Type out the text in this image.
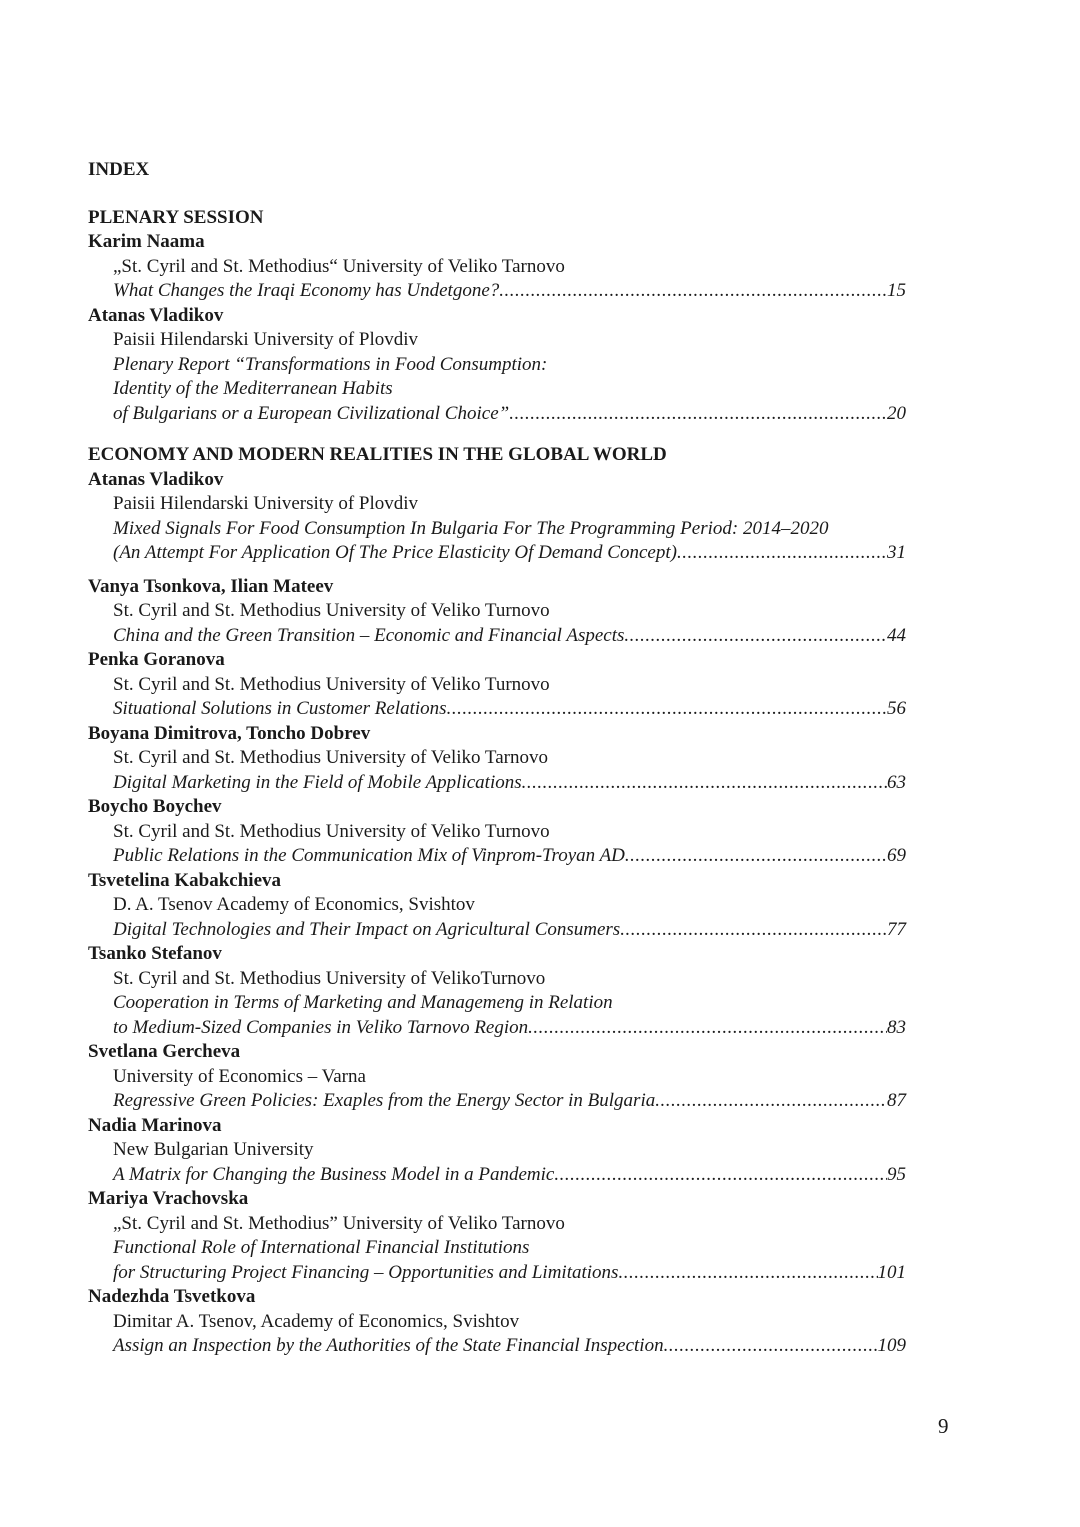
INDEX
PLENARY SESSION
Karim Naama
„St. Cyril and St. Methodius“ University of Veliko Tarnovo
What Changes the Iraqi Economy has Undetgone? .....	15
Atanas Vladikov
Paisii Hilendarski University of Plovdiv
Plenary Report “Transformations in Food Consumption:
Identity of the Mediterranean Habits
of Bulgarians or a European Civilizational Choice” .....	20
ECONOMY AND MODERN REALITIES IN THE GLOBAL WORLD
Atanas Vladikov
Paisii Hilendarski University of Plovdiv
Mixed Signals For Food Consumption In Bulgaria For The Programming Period: 2014–2020
(An Attempt For Application Of The Price Elasticity Of Demand Concept) .....	31
Vanya Tsonkova, Ilian Mateev
St. Cyril and St. Methodius University of Veliko Turnovo
China and the Green Transition – Economic and Financial Aspects .....	44
Penka Goranova
St. Cyril and St. Methodius University of Veliko Turnovo
Situational Solutions in Customer Relations .....	56
Boyana Dimitrova, Toncho Dobrev
St. Cyril and St. Methodius University of Veliko Tarnovo
Digital Marketing in the Field of Mobile Applications .....	63
Boycho Boychev
St. Cyril and St. Methodius University of Veliko Turnovo
Public Relations in the Communication Mix of Vinprom-Troyan AD .....	69
Tsvetelina Kabakchieva
D. A. Tsenov Academy of Economics, Svishtov
Digital Technologies and Their Impact on Agricultural Consumers .....	77
Tsanko Stefanov
St. Cyril and St. Methodius University of VelikoTurnovo
Cooperation in Terms of Marketing and Managemeng in Relation
to Medium-Sized Companies in Veliko Tarnovo Region .....	83
Svetlana Gercheva
University of Economics – Varna
Regressive Green Policies: Exaples from the Energy Sector in Bulgaria .....	87
Nadia Marinova
New Bulgarian University
A Matrix for Changing the Business Model in a Pandemic .....	95
Mariya Vrachovska
„St. Cyril and St. Methodius” University of Veliko Tarnovo
Functional Role of International Financial Institutions
for Structuring Project Financing – Opportunities and Limitations .....	101
Nadezhda Tsvetkova
Dimitar A. Tsenov, Academy of Economics, Svishtov
Assign an Inspection by the Authorities of the State Financial Inspection .....	109
9
